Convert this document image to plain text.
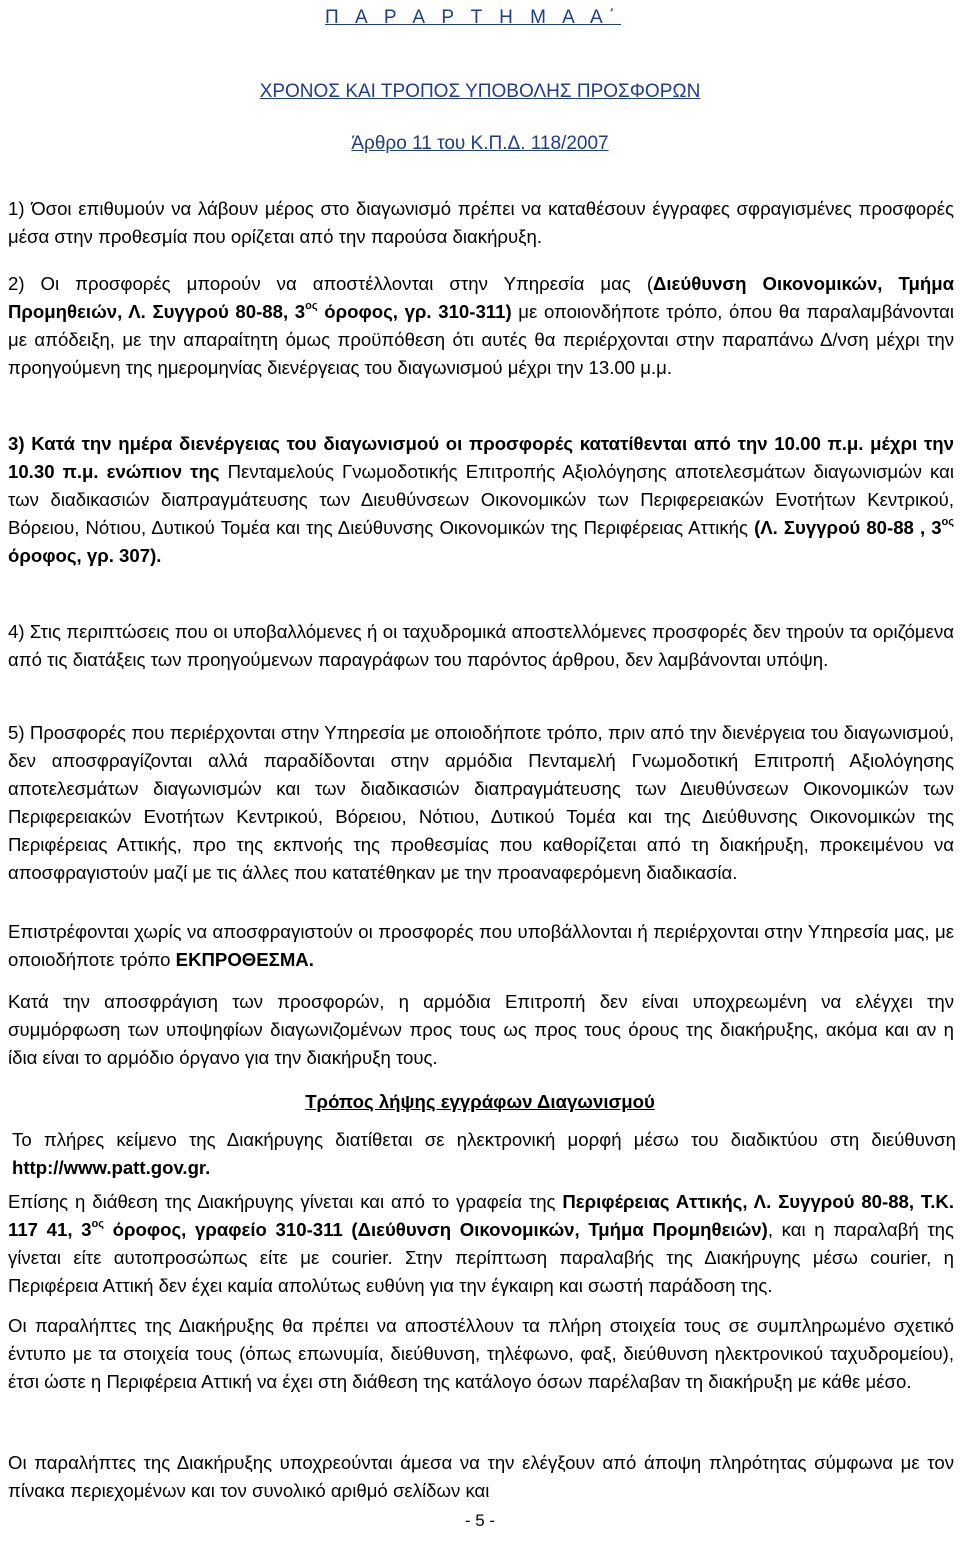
Π Α Ρ Α Ρ Τ Η Μ Α Α΄
ΧΡΟΝΟΣ ΚΑΙ ΤΡΟΠΟΣ ΥΠΟΒΟΛΗΣ ΠΡΟΣΦΟΡΩΝ
Άρθρο 11 του Κ.Π.Δ. 118/2007

1) Όσοι επιθυμούν να λάβουν μέρος στο διαγωνισμό πρέπει να καταθέσουν έγγραφες σφραγισμένες προσφορές μέσα στην προθεσμία που ορίζεται από την παρούσα διακήρυξη.

2) Οι προσφορές μπορούν να αποστέλλονται στην Υπηρεσία μας (Διεύθυνση Οικονομικών, Τμήμα Προμηθειών, Λ. Συγγρού 80-88, $3^{o\varsigma}$ όροφος, γρ. 310-311) με οποιονδήποτε τρόπο, όπου θα παραλαμβάνονται με απόδειξη, με την απαραίτητη όμως προϋπόθεση ότι αυτές θα περιέρχονται στην παραπάνω Δ/νση μέχρι την προηγούμενη της ημερομηνίας διενέργειας του διαγωνισμού μέχρι την 13.00 μ.μ.

3) Κατά την ημέρα διενέργειας του διαγωνισμού οι προσφορές κατατίθενται από την 10.00 π.μ. μέχρι την 10.30 π.μ. ενώπιον της Πενταμελούς Γνωμοδοτικής Επιτροπής Αξιολόγησης αποτελεσμάτων διαγωνισμών και των διαδικασιών διαπραγμάτευσης των Διευθύνσεων Οικονομικών των Περιφερειακών Ενοτήτων Κεντρικού, Βόρειου, Νότιου, Δυτικού Τομέα και της Διεύθυνσης Οικονομικών της Περιφέρειας Αττικής (Λ. Συγγρού 80-88 , $3^{o\varsigma}$ όροφος, γρ. 307).

4) Στις περιπτώσεις που οι υποβαλλόμενες ή οι ταχυδρομικά αποστελλόμενες προσφορές δεν τηρούν τα οριζόμενα από τις διατάξεις των προηγούμενων παραγράφων του παρόντος άρθρου, δεν λαμβάνονται υπόψη.

5) Προσφορές που περιέρχονται στην Υπηρεσία με οποιοδήποτε τρόπο, πριν από την διενέργεια του διαγωνισμού, δεν αποσφραγίζονται αλλά παραδίδονται στην αρμόδια Πενταμελή Γνωμοδοτική Επιτροπή Αξιολόγησης αποτελεσμάτων διαγωνισμών και των διαδικασιών διαπραγμάτευσης των Διευθύνσεων Οικονομικών των Περιφερειακών Ενοτήτων Κεντρικού, Βόρειου, Νότιου, Δυτικού Τομέα και της Διεύθυνσης Οικονομικών της Περιφέρειας Αττικής, προ της εκπνοής της προθεσμίας που καθορίζεται από τη διακήρυξη, προκειμένου να αποσφραγιστούν μαζί με τις άλλες που κατατέθηκαν με την προαναφερόμενη διαδικασία.

Επιστρέφονται χωρίς να αποσφραγιστούν οι προσφορές που υποβάλλονται ή περιέρχονται στην Υπηρεσία μας, με οποιοδήποτε τρόπο ΕΚΠΡΟΘΕΣΜΑ.

Κατά την αποσφράγιση των προσφορών, η αρμόδια Επιτροπή δεν είναι υποχρεωμένη να ελέγχει την συμμόρφωση των υποψηφίων διαγωνιζομένων προς τους ως προς τους όρους της διακήρυξης, ακόμα και αν η ίδια είναι το αρμόδιο όργανο για την διακήρυξη τους.

Τρόπος λήψης εγγράφων Διαγωνισμού

Το πλήρες κείμενο της Διακήρυγης διατίθεται σε ηλεκτρονική μορφή μέσω του διαδικτύου στη διεύθυνση http://www.patt.gov.gr.

Επίσης η διάθεση της Διακήρυγης γίνεται και από το γραφεία της Περιφέρειας Αττικής, Λ. Συγγρού 80-88, Τ.Κ. 117 41, $3^{o\varsigma}$ όροφος, γραφείο 310-311 (Διεύθυνση Οικονομικών, Τμήμα Προμηθειών), και η παραλαβή της γίνεται είτε αυτοπροσώπως είτε με courier. Στην περίπτωση παραλαβής της Διακήρυγης μέσω courier, η Περιφέρεια Αττική δεν έχει καμία απολύτως ευθύνη για την έγκαιρη και σωστή παράδοση της.

Οι παραλήπτες της Διακήρυξης θα πρέπει να αποστέλλουν τα πλήρη στοιχεία τους σε συμπληρωμένο σχετικό έντυπο με τα στοιχεία τους (όπως επωνυμία, διεύθυνση, τηλέφωνο, φαξ, διεύθυνση ηλεκτρονικού ταχυδρομείου), έτσι ώστε η Περιφέρεια Αττική να έχει στη διάθεση της κατάλογο όσων παρέλαβαν τη διακήρυξη με κάθε μέσο.

Οι παραλήπτες της Διακήρυξης υποχρεούνται άμεσα να την ελέγξουν από άποψη πληρότητας σύμφωνα με τον πίνακα περιεχομένων και τον συνολικό αριθμό σελίδων και

- 5 -
